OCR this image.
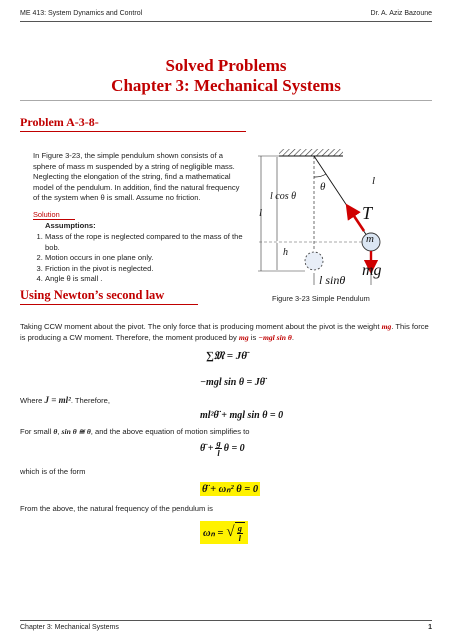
ME 413: System Dynamics and Control	Dr. A. Aziz Bazoune
Solved Problems
Chapter 3: Mechanical Systems
Problem A-3-8-
In Figure 3-23, the simple pendulum shown consists of a sphere of mass m suspended by a string of negligible mass. Neglecting the elongation of the string, find a mathematical model of the pendulum. In addition, find the natural frequency of the system when θ is small. Assume no friction.
Solution
Assumptions:
1. Mass of the rope is neglected compared to the mass of the bob.
2. Motion occurs in one plane only.
3. Friction in the pivot is neglected.
4. Angle θ is small .
l cos θ
l
h
θ	l
T
m
l sinθ
mg
Figure 3-23 Simple Pendulum
Using Newton’s second law
Taking CCW moment about the pivot. The only force that is producing moment about the pivot is the weight mg. This force is producing a CW moment. Therefore, the moment produced by mg is −mgl sin θ.
∑𝔐 = Jθ̈
−mgl sin θ = Jθ̈
Where J = ml². Therefore,
ml²θ̈ + mgl sin θ = 0
For small θ, sin θ ≅ θ, and the above equation of motion simplifies to
θ̈ + $\frac{g}{l}$ θ = 0
which is of the form
θ̈ + ωₙ² θ = 0
From the above, the natural frequency of the pendulum is
ωₙ = √ g
l
Chapter 3: Mechanical Systems	1
